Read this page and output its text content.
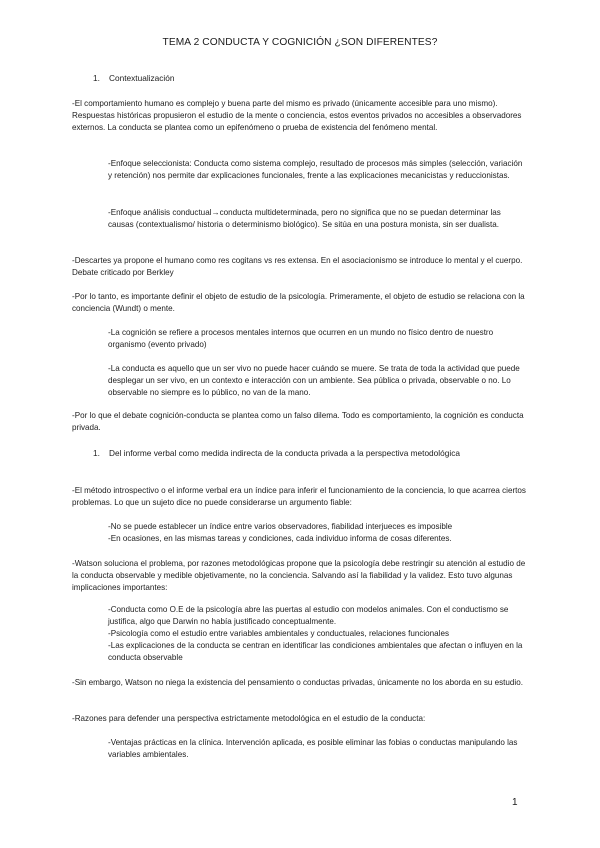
TEMA 2 CONDUCTA Y COGNICIÓN ¿SON DIFERENTES?
1. Contextualización

-El comportamiento humano es complejo y buena parte del mismo es privado (únicamente accesible para uno mismo). Respuestas históricas propusieron el estudio de la mente o conciencia, estos eventos privados no accesibles a observadores externos. La conducta se plantea como un epifenómeno o prueba de existencia del fenómeno mental.

-Enfoque seleccionista: Conducta como sistema complejo, resultado de procesos más simples (selección, variación y retención) nos permite dar explicaciones funcionales, frente a las explicaciones mecanicistas y reduccionistas.

-Enfoque análisis conductual→conducta multideterminada, pero no significa que no se puedan determinar las causas (contextualismo/ historia o determinismo biológico). Se sitúa en una postura monista, sin ser dualista.

-Descartes ya propone el humano como res cogitans vs res extensa. En el asociacionismo se introduce lo mental y el cuerpo. Debate criticado por Berkley

-Por lo tanto, es importante definir el objeto de estudio de la psicología. Primeramente, el objeto de estudio se relaciona con la conciencia (Wundt) o mente.

-La cognición se refiere a procesos mentales internos que ocurren en un mundo no físico dentro de nuestro organismo (evento privado)

-La conducta es aquello que un ser vivo no puede hacer cuándo se muere. Se trata de toda la actividad que puede desplegar un ser vivo, en un contexto e interacción con un ambiente. Sea pública o privada, observable o no. Lo observable no siempre es lo público, no van de la mano.

-Por lo que el debate cognición-conducta se plantea como un falso dilema. Todo es comportamiento, la cognición es conducta privada.

1. Del informe verbal como medida indirecta de la conducta privada a la perspectiva metodológica

-El método introspectivo o el informe verbal era un índice para inferir el funcionamiento de la conciencia, lo que acarrea ciertos problemas. Lo que un sujeto dice no puede considerarse un argumento fiable:

-No se puede establecer un índice entre varios observadores, fiabilidad interjueces es imposible

-En ocasiones, en las mismas tareas y condiciones, cada individuo informa de cosas diferentes.

-Watson soluciona el problema, por razones metodológicas propone que la psicología debe restringir su atención al estudio de la conducta observable y medible objetivamente, no la conciencia. Salvando así la fiabilidad y la validez. Esto tuvo algunas implicaciones importantes:

-Conducta como O.E de la psicología abre las puertas al estudio con modelos animales. Con el conductismo se justifica, algo que Darwin no había justificado conceptualmente.

-Psicología como el estudio entre variables ambientales y conductuales, relaciones funcionales

-Las explicaciones de la conducta se centran en identificar las condiciones ambientales que afectan o influyen en la conducta observable

-Sin embargo, Watson no niega la existencia del pensamiento o conductas privadas, únicamente no los aborda en su estudio.

-Razones para defender una perspectiva estrictamente metodológica en el estudio de la conducta:

-Ventajas prácticas en la clínica. Intervención aplicada, es posible eliminar las fobias o conductas manipulando las variables ambientales.

1
